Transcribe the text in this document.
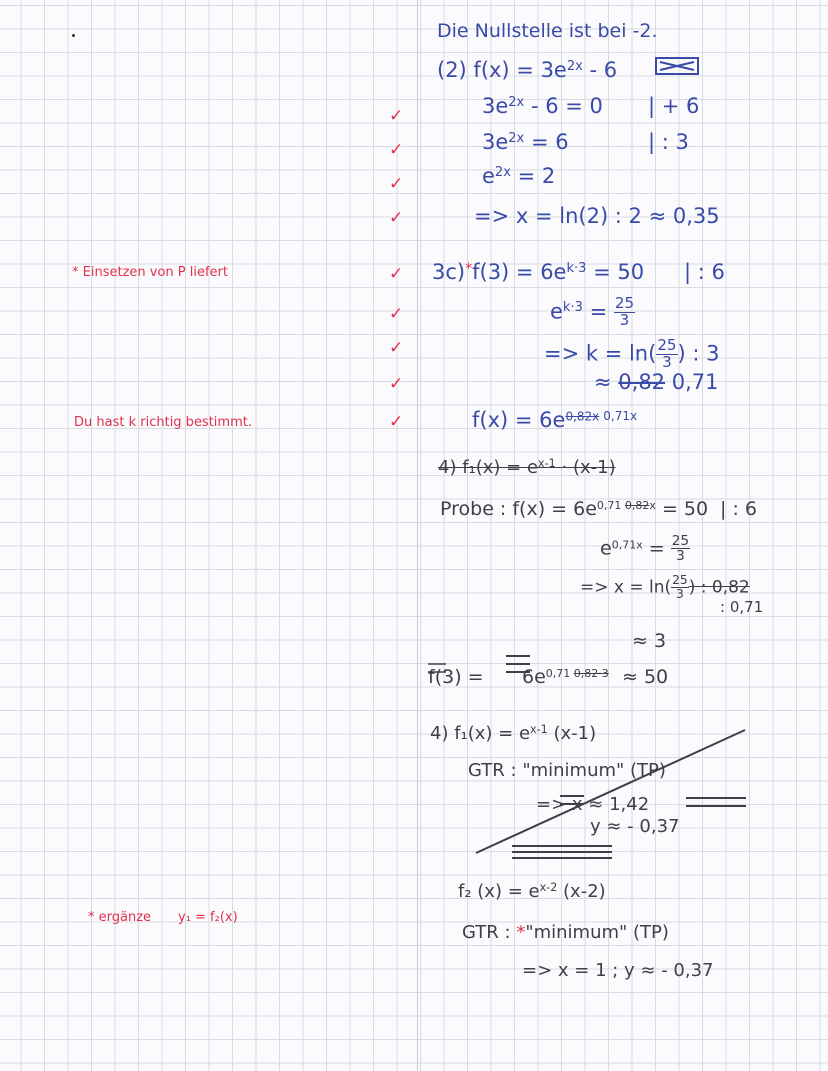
* Einsetzen von P liefert
Du hast k richtig bestimmt.
* ergänze y₁ = f₂(x)
✓
✓
✓
✓
✓
✓
✓
✓
✓
Die Nullstelle ist bei -2.
(2) $f(x) = 3e^{2x} - 6$
$3e^{2x} - 6 = 0$ | + 6
$3e^{2x} = 6$	| : 3
$e^{2x} = 2$
=> x = ln(2) : 2 ≈ 0,35
$3c)^*f(3) = 6e^{k\cdot 3} = 50$ | : 6
$e^{k\cdot 3} = \frac{25}{3}$
=> $k = \ln( \frac{25}{3}$ ) : 3
≈ 0,82 0,71
$f(x) = 6e^{0,82x}$ $^{0,71x}$
4) $f_1(x) = e^{x-1} \cdot (x-1)$
Probe : $f(x) = 6e^{0,71 0,82x} = 50$ | : 6
$e^{0,71x} = \frac{25}{3}$
=> $x = \ln( \frac{25}{3}$ ) : 0,82
: 0,71
≈ 3
$f(3) = 6e^{0,71 0,82\cdot 3} \approx 50$
4) $f_1(x) = e^{x-1}$ (x-1)
GTR : "minimum" (TP)
=> x ≈ 1,42
y ≈ - 0,37
f₂ $(x) = e^{x-2}$ (x-2)
GTR : *"minimum" (TP)
=> x = 1 ; y ≈ - 0,37
